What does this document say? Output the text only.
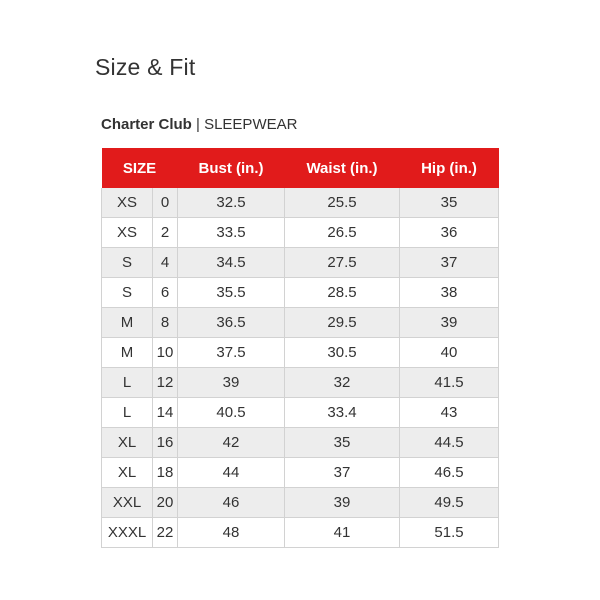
Size & Fit
Charter Club | SLEEPWEAR
SIZE		Bust (in.)	Waist (in.)	Hip (in.)
XS	0	32.5	25.5	35
XS	2	33.5	26.5	36
S	4	34.5	27.5	37
S	6	35.5	28.5	38
M	8	36.5	29.5	39
M	10	37.5	30.5	40
L	12	39	32	41.5
L	14	40.5	33.4	43
XL	16	42	35	44.5
XL	18	44	37	46.5
XXL	20	46	39	49.5
XXXL	22	48	41	51.5
